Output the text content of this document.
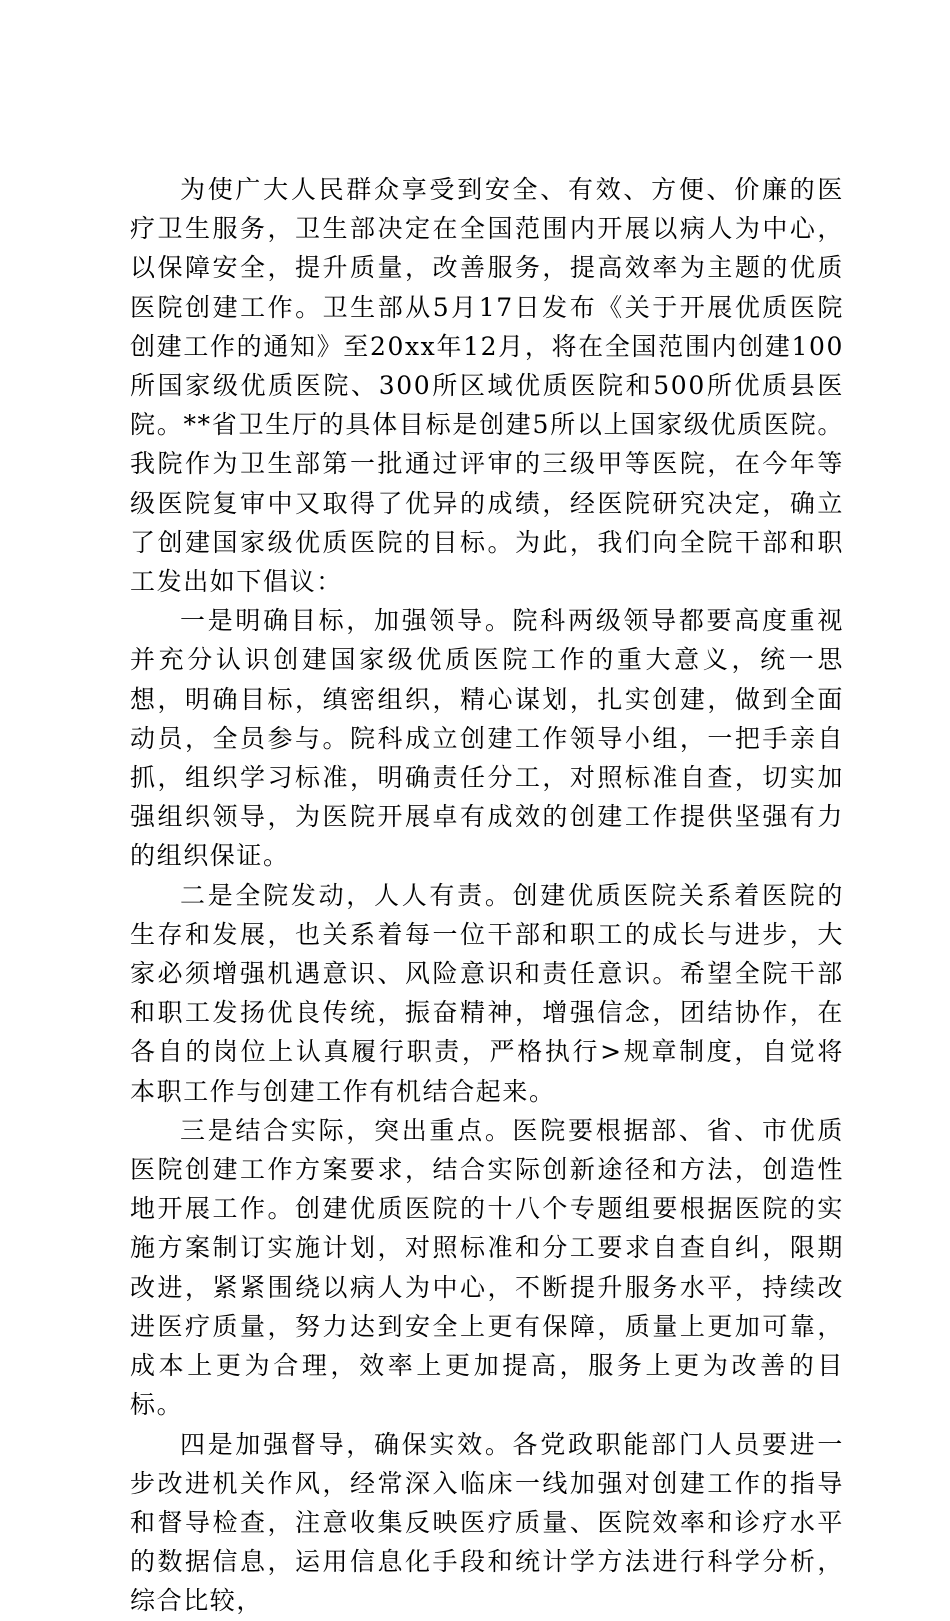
为使广大人民群众享受到安全、有效、方便、价廉的医疗卫生服务，卫生部决定在全国范围内开展以病人为中心，以保障安全，提升质量，改善服务，提高效率为主题的优质医院创建工作。卫生部从5月17日发布《关于开展优质医院创建工作的通知》至20xx年12月，将在全国范围内创建100所国家级优质医院、300所区域优质医院和500所优质县医院。**省卫生厅的具体目标是创建5所以上国家级优质医院。我院作为卫生部第一批通过评审的三级甲等医院，在今年等级医院复审中又取得了优异的成绩，经医院研究决定，确立了创建国家级优质医院的目标。为此，我们向全院干部和职工发出如下倡议：

一是明确目标，加强领导。院科两级领导都要高度重视并充分认识创建国家级优质医院工作的重大意义，统一思想，明确目标，缜密组织，精心谋划，扎实创建，做到全面动员，全员参与。院科成立创建工作领导小组，一把手亲自抓，组织学习标准，明确责任分工，对照标准自查，切实加强组织领导，为医院开展卓有成效的创建工作提供坚强有力的组织保证。

二是全院发动，人人有责。创建优质医院关系着医院的生存和发展，也关系着每一位干部和职工的成长与进步，大家必须增强机遇意识、风险意识和责任意识。希望全院干部和职工发扬优良传统，振奋精神，增强信念，团结协作，在各自的岗位上认真履行职责，严格执行>规章制度，自觉将本职工作与创建工作有机结合起来。

三是结合实际，突出重点。医院要根据部、省、市优质医院创建工作方案要求，结合实际创新途径和方法，创造性地开展工作。创建优质医院的十八个专题组要根据医院的实施方案制订实施计划，对照标准和分工要求自查自纠，限期改进，紧紧围绕以病人为中心，不断提升服务水平，持续改进医疗质量，努力达到安全上更有保障，质量上更加可靠，成本上更为合理，效率上更加提高，服务上更为改善的目标。

四是加强督导，确保实效。各党政职能部门人员要进一步改进机关作风，经常深入临床一线加强对创建工作的指导和督导检查，注意收集反映医疗质量、医院效率和诊疗水平的数据信息，运用信息化手段和统计学方法进行科学分析，综合比较，
